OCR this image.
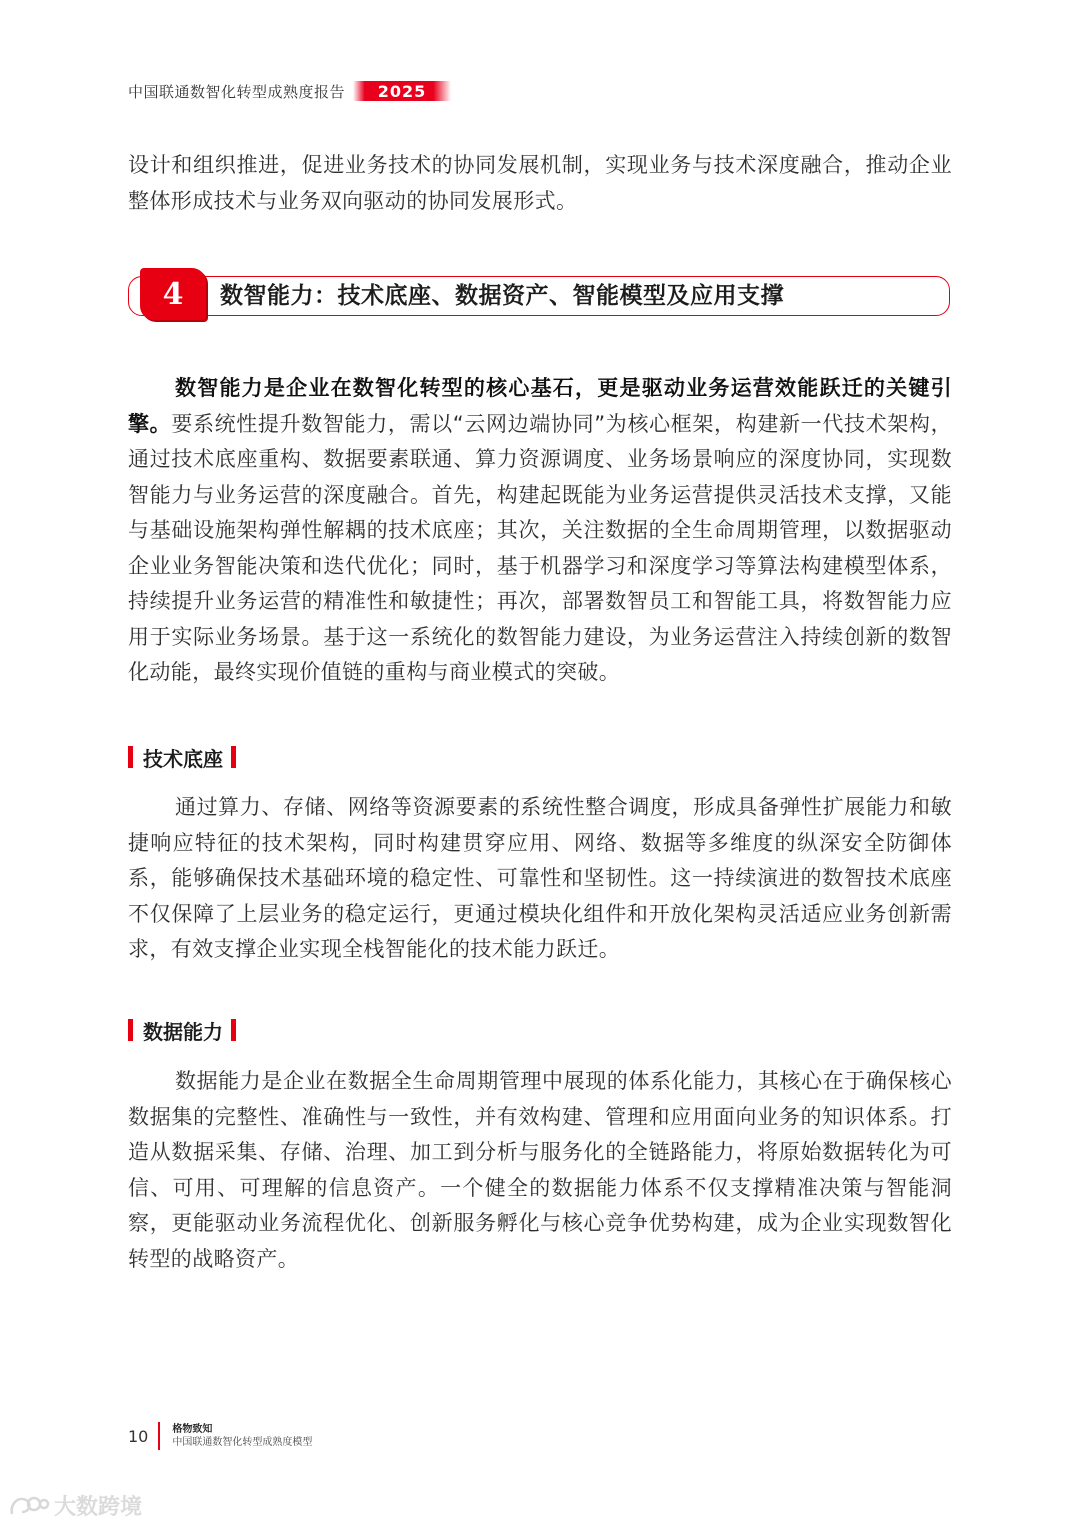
中国联通数智化转型成熟度报告 2025

设计和组织推进，促进业务技术的协同发展机制，实现业务与技术深度融合，推动企业整体形成技术与业务双向驱动的协同发展形式。

4 数智能力：技术底座、数据资产、智能模型及应用支撑

数智能力是企业在数智化转型的核心基石，更是驱动业务运营效能跃迁的关键引擎。要系统性提升数智能力，需以“云网边端协同”为核心框架，构建新一代技术架构，通过技术底座重构、数据要素联通、算力资源调度、业务场景响应的深度协同，实现数智能力与业务运营的深度融合。首先，构建起既能为业务运营提供灵活技术支撑，又能与基础设施架构弹性解耦的技术底座；其次，关注数据的全生命周期管理，以数据驱动企业业务智能决策和迭代优化；同时，基于机器学习和深度学习等算法构建模型体系，持续提升业务运营的精准性和敏捷性；再次，部署数智员工和智能工具，将数智能力应用于实际业务场景。基于这一系统化的数智能力建设，为业务运营注入持续创新的数智化动能，最终实现价值链的重构与商业模式的突破。

技术底座

通过算力、存储、网络等资源要素的系统性整合调度，形成具备弹性扩展能力和敏捷响应特征的技术架构，同时构建贯穿应用、网络、数据等多维度的纵深安全防御体系，能够确保技术基础环境的稳定性、可靠性和坚韧性。这一持续演进的数智技术底座不仅保障了上层业务的稳定运行，更通过模块化组件和开放化架构灵活适应业务创新需求，有效支撑企业实现全栈智能化的技术能力跃迁。

数据能力

数据能力是企业在数据全生命周期管理中展现的体系化能力，其核心在于确保核心数据集的完整性、准确性与一致性，并有效构建、管理和应用面向业务的知识体系。打造从数据采集、存储、治理、加工到分析与服务化的全链路能力，将原始数据转化为可信、可用、可理解的信息资产。一个健全的数据能力体系不仅支撑精准决策与智能洞察，更能驱动业务流程优化、创新服务孵化与核心竞争优势构建，成为企业实现数智化转型的战略资产。

10 格物致知
中国联通数智化转型成熟度模型
大数跨境
